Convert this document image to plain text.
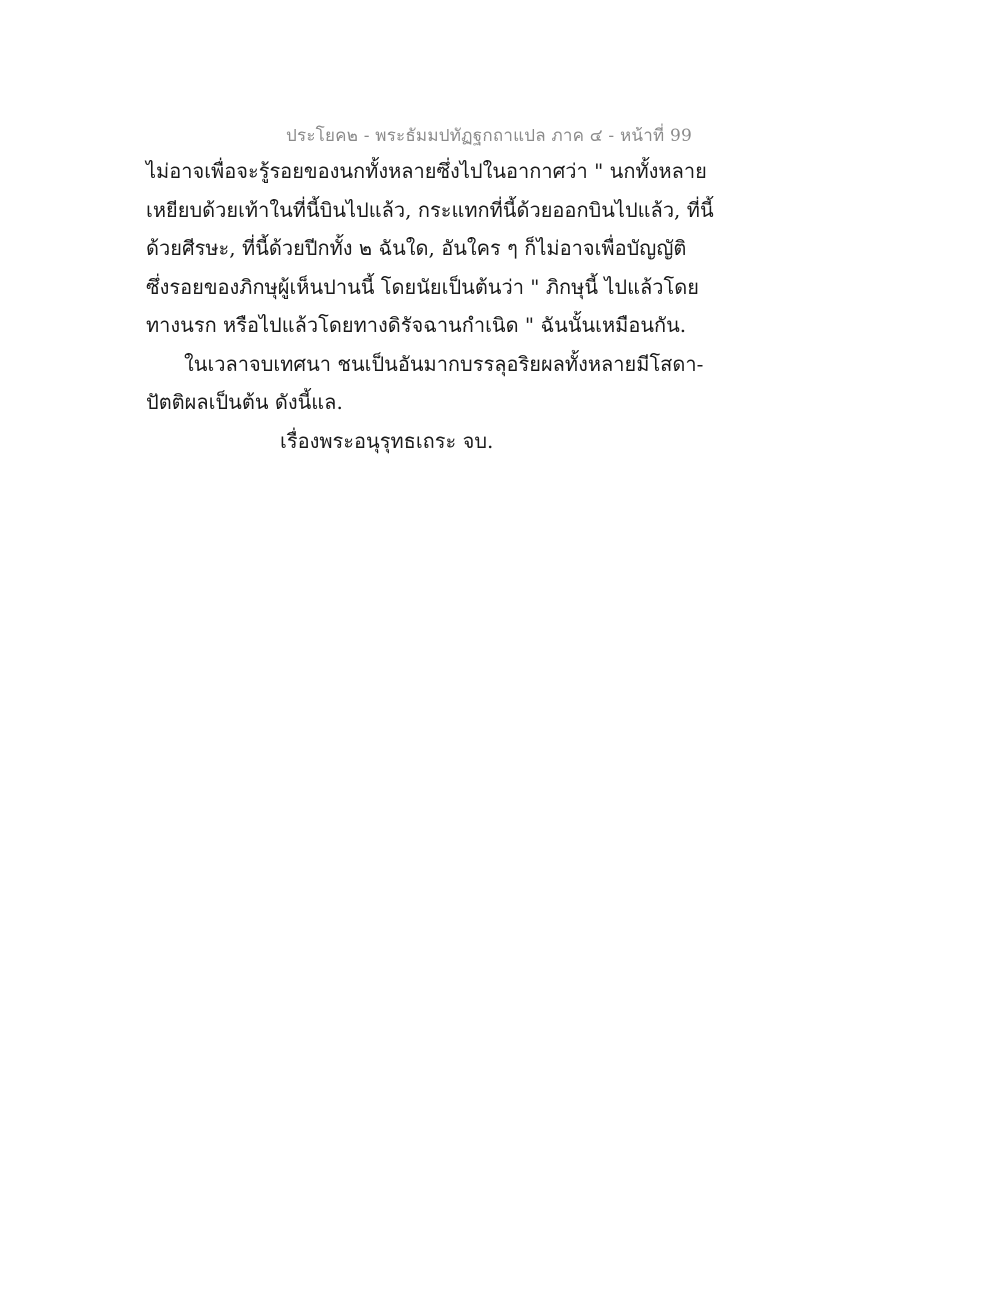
ประโยค๒ - พระธัมมปทัฏฐกถาแปล ภาค ๔ - หน้าที่ 99
ไม่อาจเพื่อจะรู้รอยของนกทั้งหลายซึ่งไปในอากาศว่า " นกทั้งหลาย
เหยียบด้วยเท้าในที่นี้บินไปแล้ว, กระแทกที่นี้ด้วยออกบินไปแล้ว, ที่นี้
ด้วยศีรษะ, ที่นี้ด้วยปีกทั้ง ๒ ฉันใด, อันใคร ๆ ก็ไม่อาจเพื่อบัญญัติ
ซึ่งรอยของภิกษุผู้เห็นปานนี้ โดยนัยเป็นต้นว่า " ภิกษุนี้ ไปแล้วโดย
ทางนรก หรือไปแล้วโดยทางดิรัจฉานกำเนิด " ฉันนั้นเหมือนกัน.
ในเวลาจบเทศนา ชนเป็นอันมากบรรลุอริยผลทั้งหลายมีโสดา-
ปัตติผลเป็นต้น ดังนี้แล.
เรื่องพระอนุรุทธเถระ จบ.
